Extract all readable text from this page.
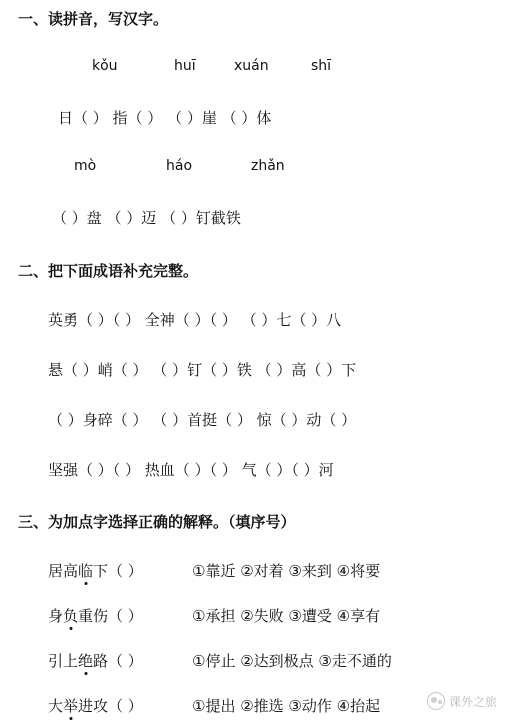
一、读拼音，写汉字。
kǒu	huī	xuán	shī
日（ ） 指（ ） （ ）崖 （ ）体
mò	háo	zhǎn
（ ）盘 （ ）迈 （ ）钉截铁
二、把下面成语补充完整。
英勇（ ）（ ） 全神（ ）（ ） （ ）七（ ）八
悬（ ）峭（ ） （ ）钉（ ）铁 （ ）高（ ）下
（ ）身碎（ ） （ ）首挺（ ） 惊（ ）动（ ）
坚强（ ）（ ） 热血（ ）（ ） 气（ ）（ ）河
三、为加点字选择正确的解释。（填序号）
居高临下（ ）	①靠近 ②对着 ③来到 ④将要
身负重伤（ ）	①承担 ②失败 ③遭受 ④享有
引上绝路（ ）	①停止 ②达到极点 ③走不通的
大举进攻（ ）	①提出 ②推选 ③动作 ④抬起	课外之旅
